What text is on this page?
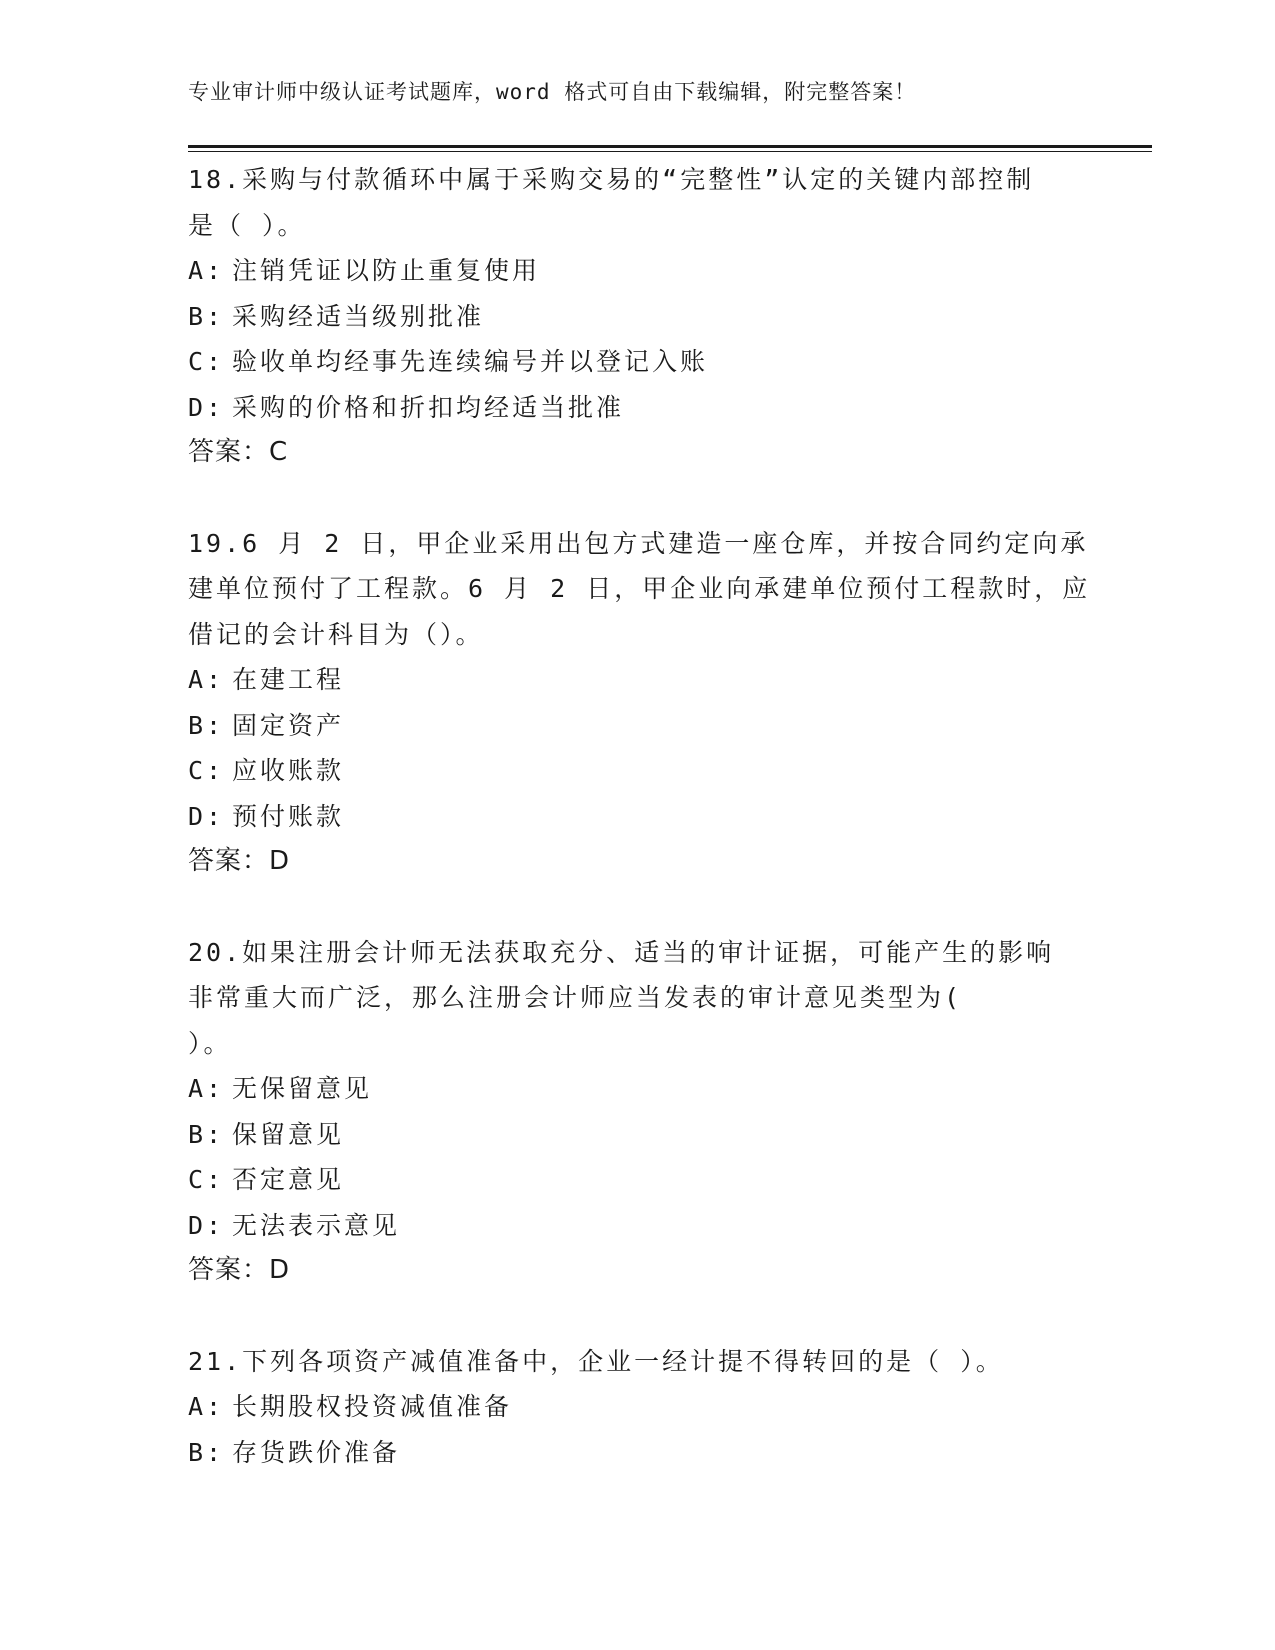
专业审计师中级认证考试题库，word 格式可自由下载编辑，附完整答案！
18.采购与付款循环中属于采购交易的“完整性”认定的关键内部控制
是（ ）。
A: 注销凭证以防止重复使用
B: 采购经适当级别批准
C: 验收单均经事先连续编号并以登记入账
D: 采购的价格和折扣均经适当批准
答案：C
19.6 月 2 日，甲企业采用出包方式建造一座仓库，并按合同约定向承
建单位预付了工程款。6 月 2 日，甲企业向承建单位预付工程款时，应
借记的会计科目为（）。
A: 在建工程
B: 固定资产
C: 应收账款
D: 预付账款
答案：D
20.如果注册会计师无法获取充分、适当的审计证据，可能产生的影响
非常重大而广泛，那么注册会计师应当发表的审计意见类型为(
）。
A: 无保留意见
B: 保留意见
C: 否定意见
D: 无法表示意见
答案：D
21.下列各项资产减值准备中，企业一经计提不得转回的是（ ）。
A: 长期股权投资减值准备
B: 存货跌价准备
